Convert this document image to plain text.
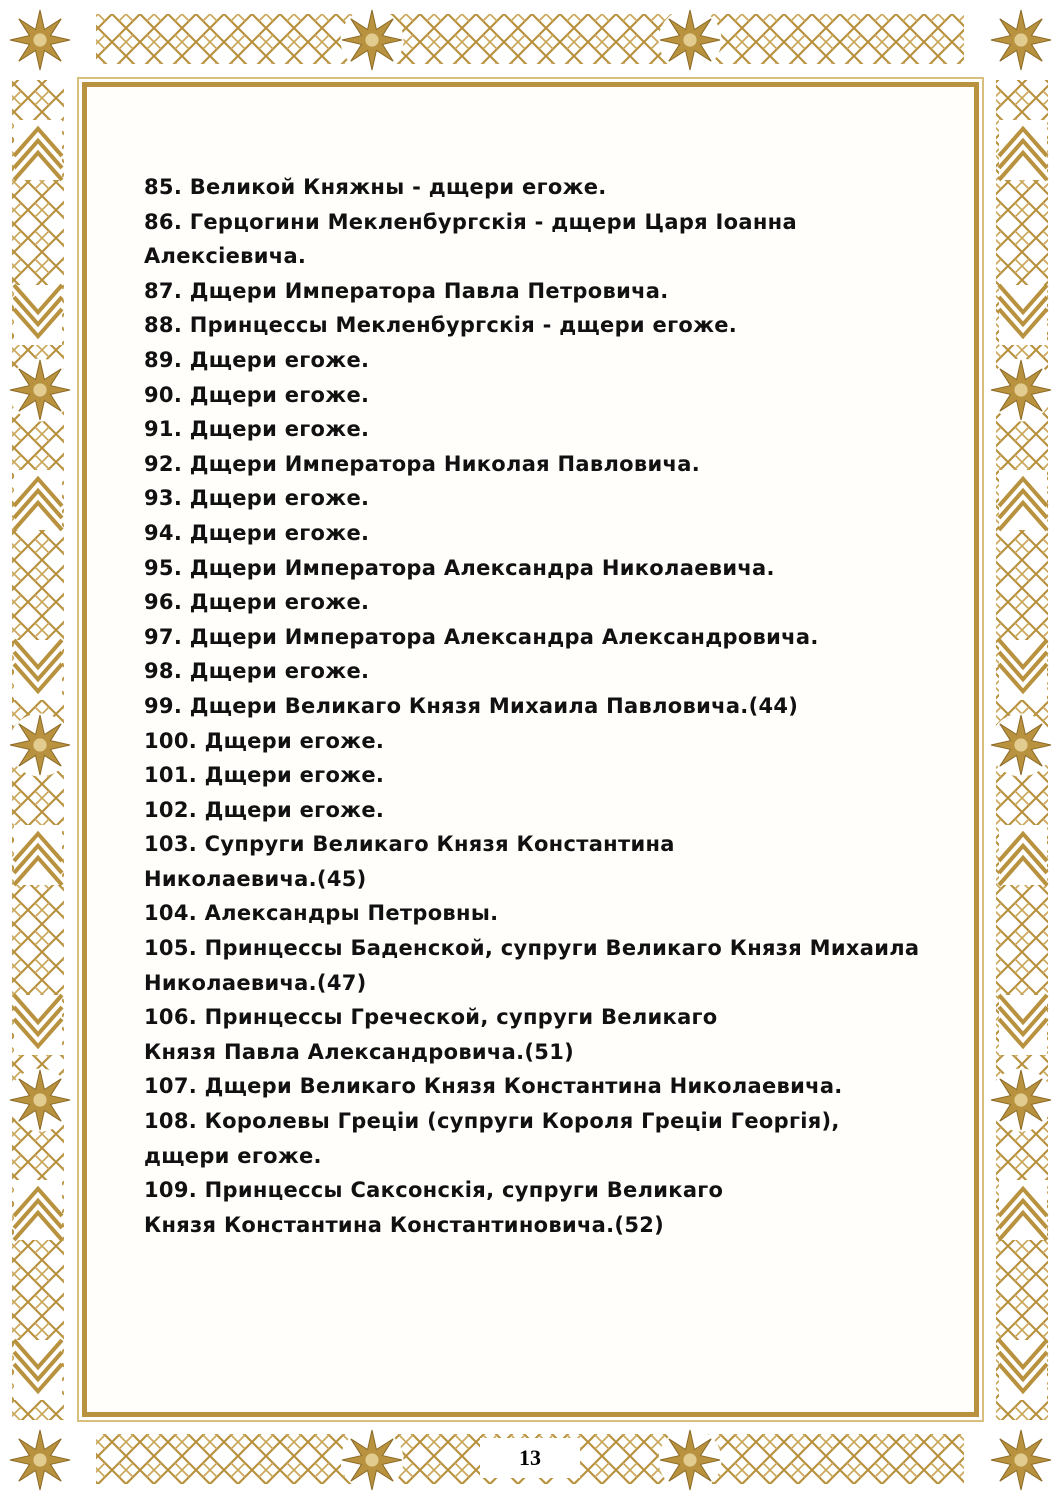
85. Великой Княжны - дщери егоже.
86. Герцогини Мекленбургскія - дщери Царя Іоанна
Алексіевича.
87. Дщери Императора Павла Петровича.
88. Принцессы Мекленбургскія - дщери егоже.
89. Дщери егоже.
90. Дщери егоже.
91. Дщери егоже.
92. Дщери Императора Николая Павловича.
93. Дщери егоже.
94. Дщери егоже.
95. Дщери Императора Александра Николаевича.
96. Дщери егоже.
97. Дщери Императора Александра Александровича.
98. Дщери егоже.
99. Дщери Великаго Князя Михаила Павловича.(44)
100. Дщери егоже.
101. Дщери егоже.
102. Дщери егоже.
103. Супруги Великаго Князя Константина
Николаевича.(45)
104. Александры Петровны.
105. Принцессы Баденской, супруги Великаго Князя Михаила
Николаевича.(47)
106. Принцессы Греческой, супруги Великаго
Князя Павла Александровича.(51)
107. Дщери Великаго Князя Константина Николаевича.
108. Королевы Греціи (супруги Короля Греціи Георгія),
дщери егоже.
109. Принцессы Саксонскія, супруги Великаго
Князя Константина Константиновича.(52)
13
